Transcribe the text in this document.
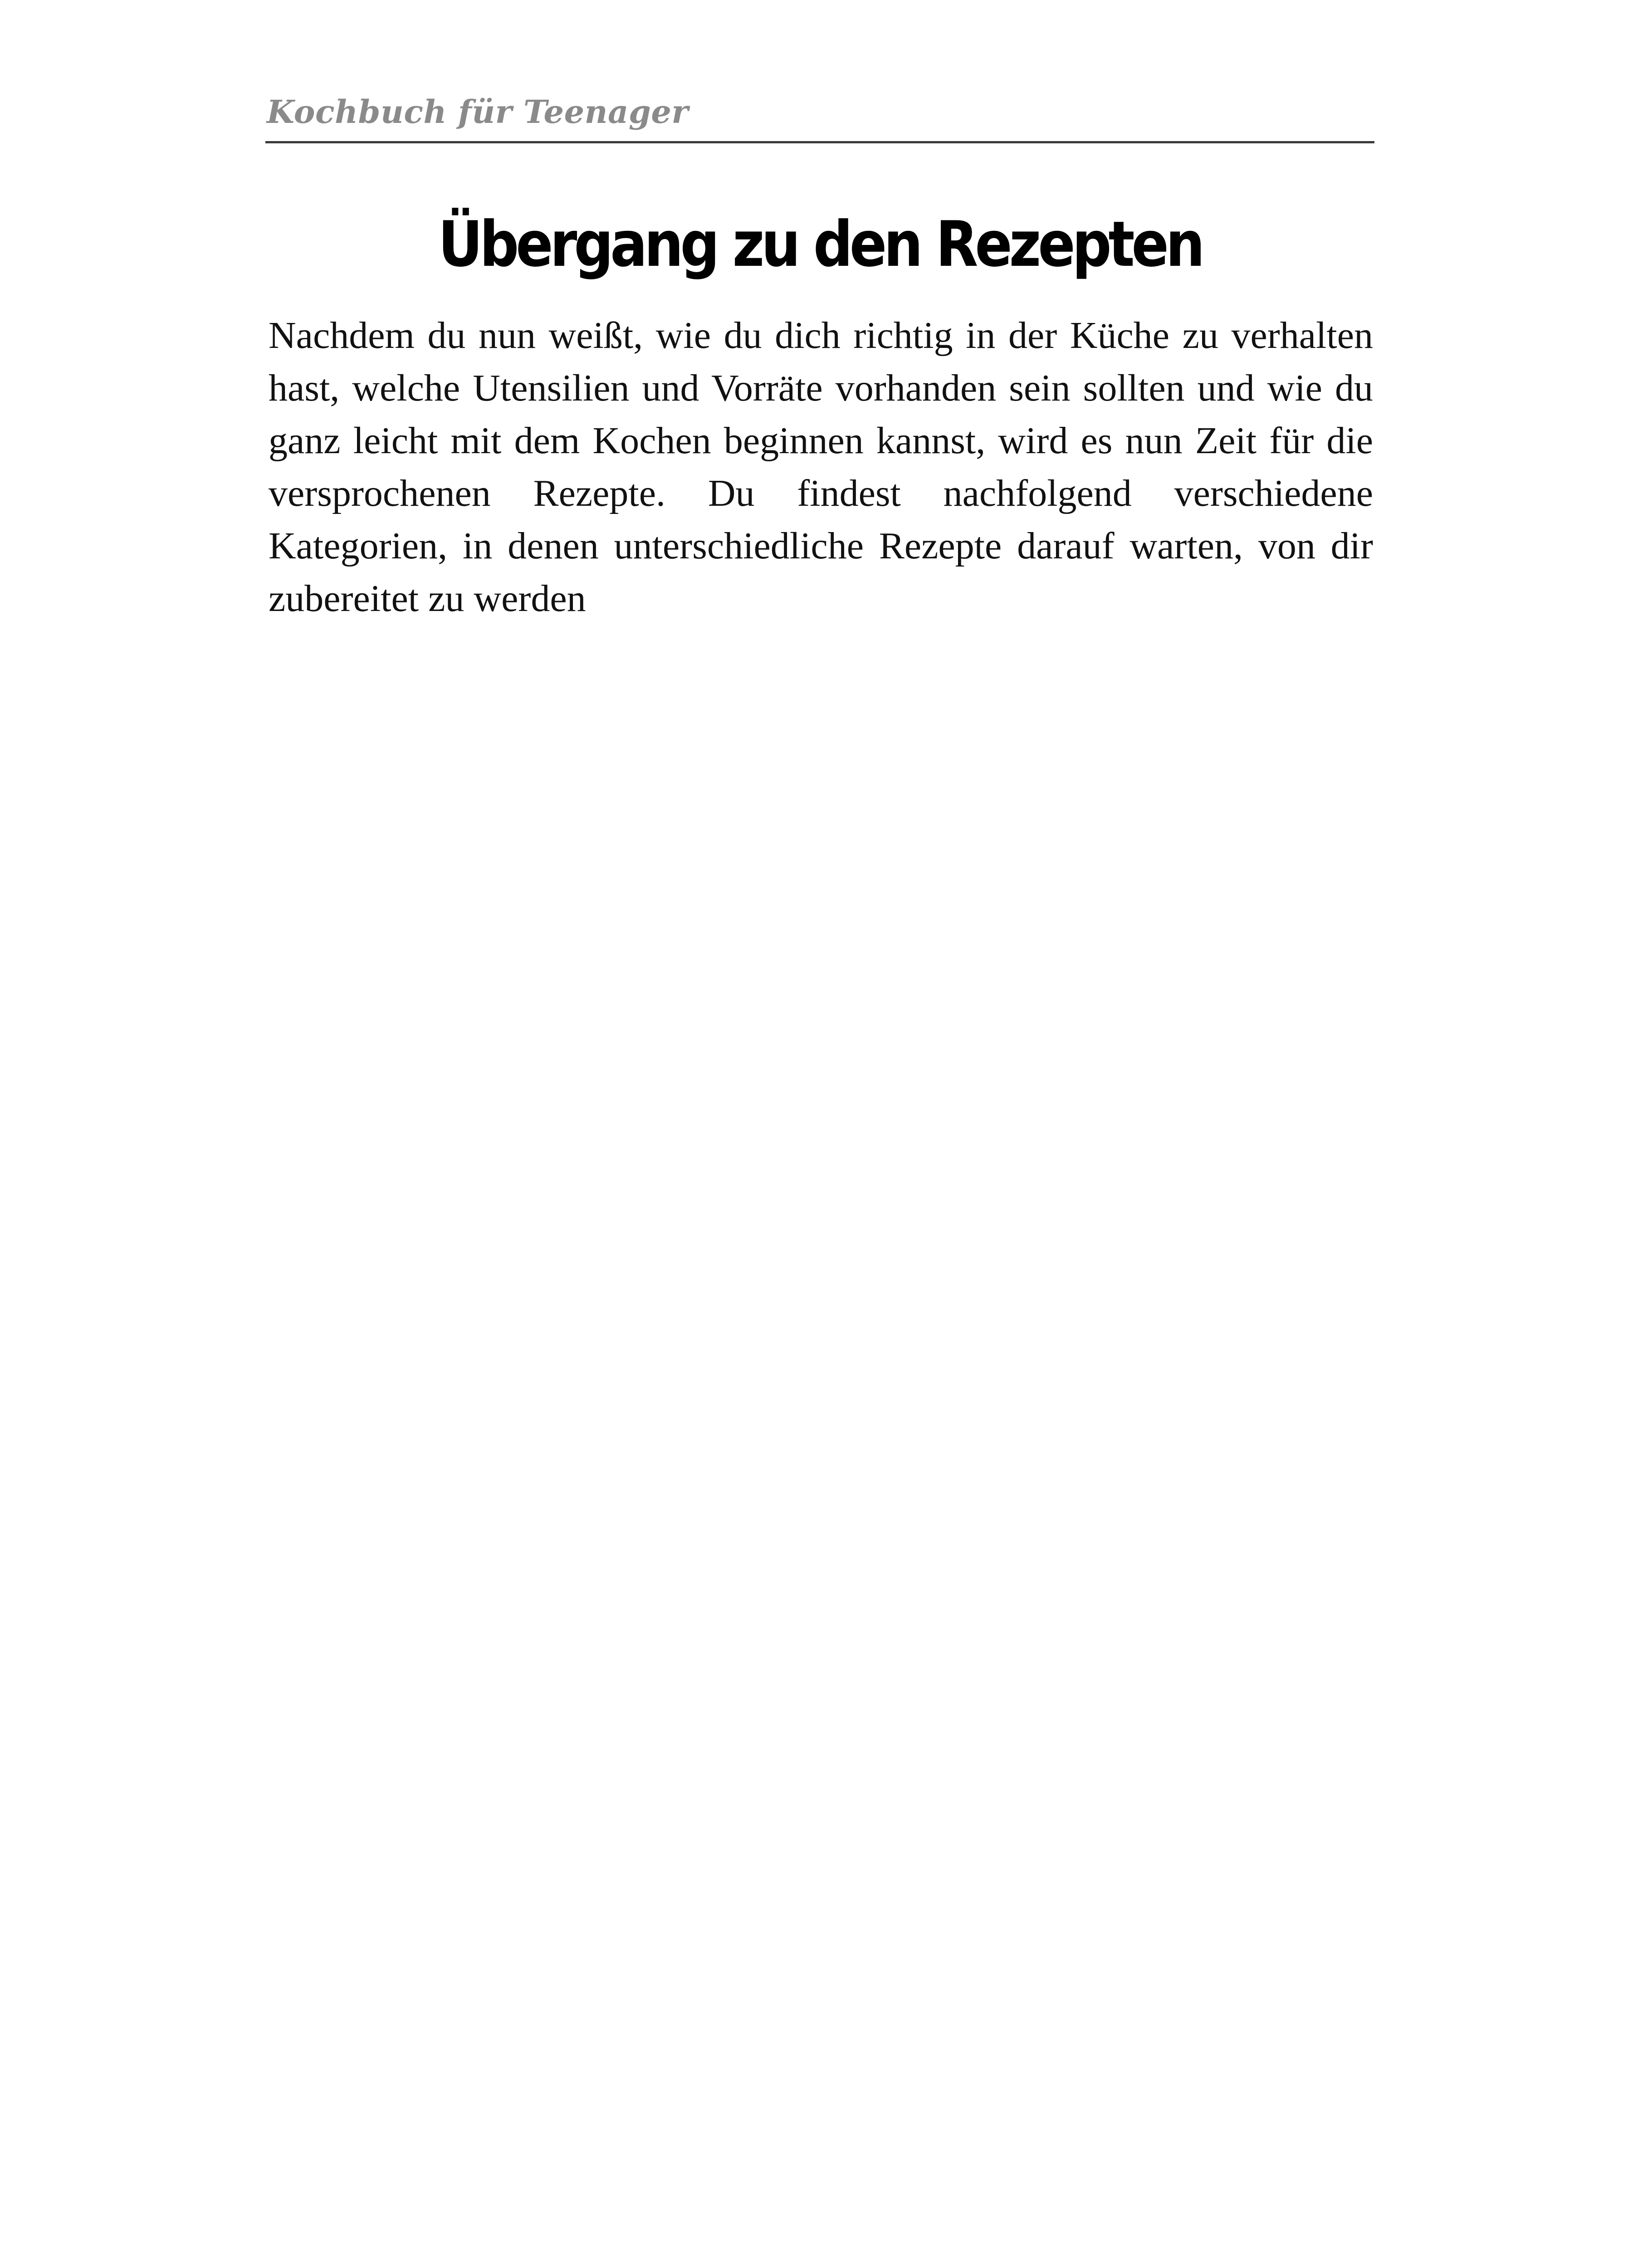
Kochbuch für Teenager
Übergang zu den Rezepten

Nachdem du nun weißt, wie du dich richtig in der Küche zu verhalten hast, welche Utensilien und Vorräte vorhanden sein sollten und wie du ganz leicht mit dem Kochen beginnen kannst, wird es nun Zeit für die versprochenen Rezepte. Du findest nachfolgend verschiedene Kategorien, in denen unterschiedliche Rezepte darauf warten, von dir zubereitet zu werden
